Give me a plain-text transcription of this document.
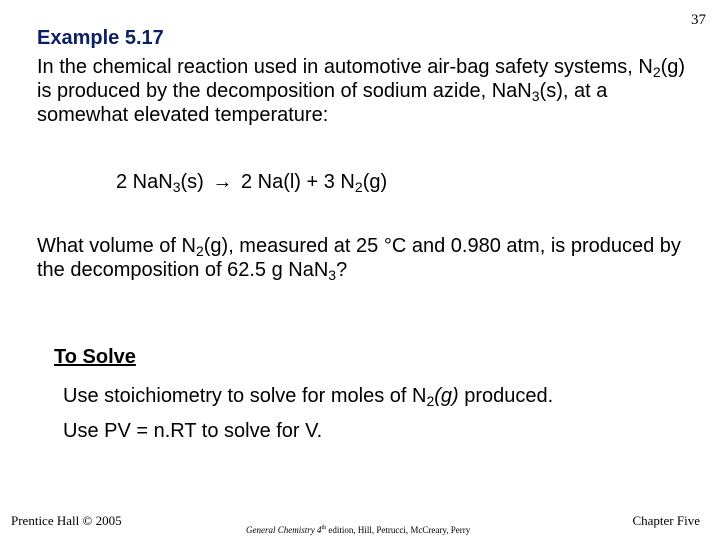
37
Example 5.17
In the chemical reaction used in automotive air-bag safety systems, $N_2(g)$ is produced by the decomposition of sodium azide, NaN$_3$(s), at a somewhat elevated temperature:
2 NaN$_3$(s) → 2 Na(l) + 3 $N_2(g)$
What volume of $N_2(g)$, measured at 25 °C and 0.980 atm, is produced by the decomposition of 62.5 g NaN$_3$?
To Solve
Use stoichiometry to solve for moles of $N_2(g)$ produced.
Use PV = n.RT to solve for V.
Prentice Hall © 2005
General Chemistry 4th edition, Hill, Petrucci, McCreary, Perry
Chapter Five
